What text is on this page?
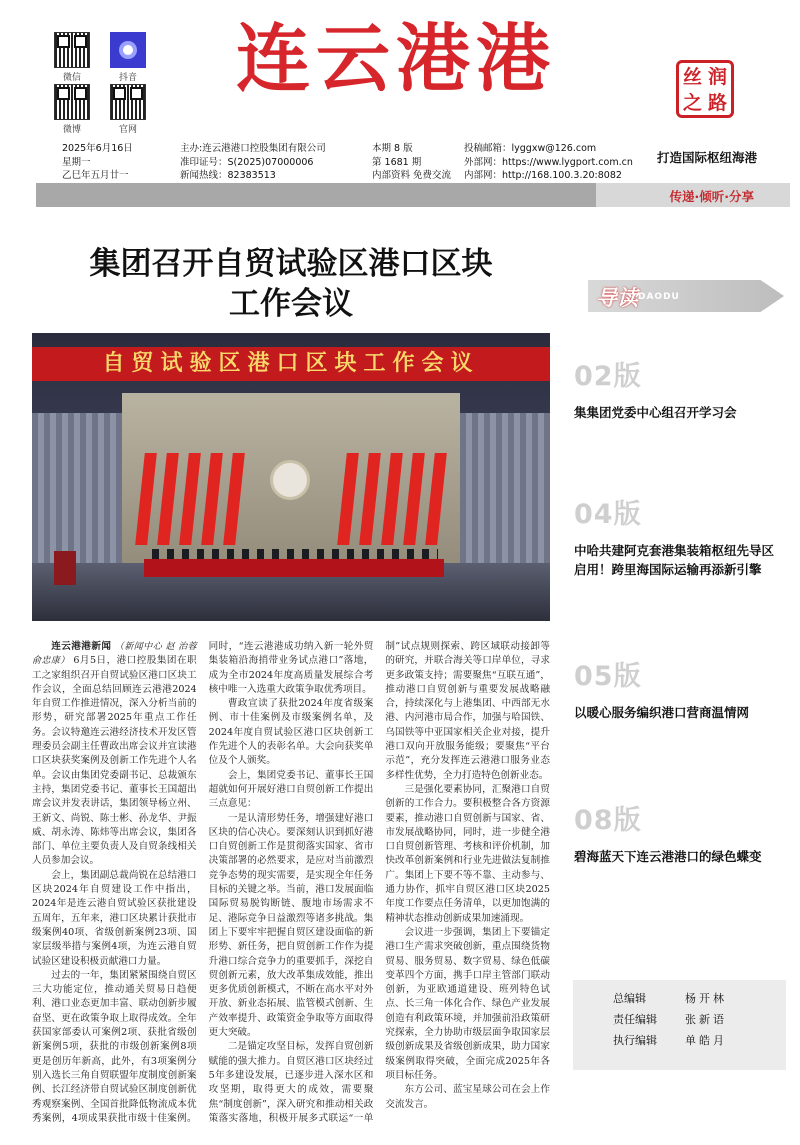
微信	抖音
微博	官网
连云港港	丝 润
之 路
2025年6月16日
星期一
乙巳年五月廿一
主办:连云港港口控股集团有限公司
准印证号：S(2025)07000006
新闻热线：82383513
本期 8 版
第 1681 期
内部资料 免费交流
投稿邮箱：lyggxw@126.com
外部网：https://www.lygport.com.cn
内部网：http://168.100.3.20:8082
打造国际枢纽海港
传递·倾听·分享
集团召开自贸试验区港口区块
工作会议
自贸试验区港口区块工作会议

连云港港新闻 （新闻中心 赵 治蓉 俞忠康） 6月5日，港口控股集团在职工之家组织召开自贸试验区港口区块工作会议，全面总结回顾连云港港2024年自贸工作推进情况，深入分析当前的形势，研究部署2025年重点工作任务。会议特邀连云港经济技术开发区管理委员会副主任曹政出席会议并宣读港口区块获奖案例及创新工作先进个人名单。会议由集团党委副书记、总裁颁东主持，集团党委书记、董事长王国超出席会议并发表讲话，集团领导杨立州、王新文、尚锐、陈士彬、孙龙华、尹振威、胡永涛、陈炜等出席会议，集团各部门、单位主要负责人及自贸条线相关人员参加会议。

会上，集团副总裁尚锐在总结港口区块2024年自贸建设工作中指出，2024年是连云港自贸试验区获批建设五周年，五年来，港口区块累计获批市级案例40项、省级创新案例23项、国家层级举措与案例4项，为连云港自贸试验区建设积极贡献港口力量。

过去的一年，集团紧紧围绕自贸区三大功能定位，推动通关贸易日趋便利、港口业态更加丰富、联动创新步履奋坚、更在政策争取上取得成效。全年获国家部委认可案例2项、获批省级创新案例5项，获批的市级创新案例8项更是创历年新高，此外，有3项案例分别入选长三角自贸联盟年度制度创新案例、长江经济带自贸试验区制度创新优秀观察案例、全国首批降低物流成本优秀案例，4项成果获批市级十佳案例。同时，“连云港港成功纳入新一轮外贸集装箱沿海捎带业务试点港口”落地，成为全市2024年度高质量发展综合考核中唯一入选重大政策争取优秀项目。

曹政宣读了获批2024年度省级案例、市十佳案例及市级案例名单，及2024年度自贸试验区港口区块创新工作先进个人的表彰名单。大会向获奖单位及个人颁奖。

会上，集团党委书记、董事长王国超就如何开展好港口自贸创新工作提出三点意见：

一是认清形势任务，增强建好港口区块的信心决心。要深刻认识到抓好港口自贸创新工作是贯彻落实国家、省市决策部署的必然要求，是应对当前激烈竞争态势的现实需要，是实现全年任务目标的关键之举。当前，港口发展面临国际贸易脱钩断链、腹地市场需求不足、港际竞争日益激烈等诸多挑战。集团上下要牢牢把握自贸区建设面临的新形势、新任务，把自贸创新工作作为提升港口综合竞争力的重要抓手，深挖自贸创新元素，放大改革集成效能，推出更多优质创新模式，不断在高水平对外开放、新业态拓展、监管模式创新、生产效率提升、政策资金争取等方面取得更大突破。

二是锚定攻坚目标，发挥自贸创新赋能的强大推力。自贸区港口区块经过5年多建设发展，已逐步进入深水区和攻坚期，取得更大的成效，需要聚焦“制度创新”，深入研究和推动相关政策落实落地，积极开展多式联运“一单制”试点规则探索、跨区域联动接卸等的研究，并联合海关等口岸单位，寻求更多政策支持；需要聚焦“互联互通”，推动港口自贸创新与重要发展战略融合，持续深化与上港集团、中西部无水港、内河港市局合作，加强与哈国铁、乌国铁等中亚国家相关企业对接，提升港口双向开放服务能级；要聚焦“平台示范”，充分发挥连云港港口服务业态多样性优势，全力打造特色创新业态。

三是强化要素协同，汇聚港口自贸创新的工作合力。要积极整合各方资源要素，推动港口自贸创新与国家、省、市发展战略协同，同时，进一步健全港口自贸创新管理、考核和评价机制，加快改革创新案例和行业先进做法复制推广。集团上下要不等不靠、主动参与、通力协作，抓牢自贸区港口区块2025年度工作要点任务清单，以更加饱满的精神状态推动创新成果加速涌现。

会议进一步强调，集团上下要锚定港口生产需求突破创新，重点围绕货物贸易、服务贸易、数字贸易、绿色低碳变革四个方面，携手口岸主管部门联动创新，为亚欧通道建设、班列特色试点、长三角一体化合作、绿色产业发展创造有利政策环境，并加强前沿政策研究探索，全力协助市级层面争取国家层级创新成果及省级创新成果，助力国家级案例取得突破，全面完成2025年各项目标任务。

东方公司、蓝宝星球公司在会上作交流发言。

导读 DAODU
02版
集集团党委中心组召开学习会
04版
中哈共建阿克套港集装箱枢纽先导区启用！跨里海国际运输再添新引擎
05版
以暖心服务编织港口营商温情网
08版
碧海蓝天下连云港港口的绿色蝶变
总编辑	杨开林
责任编辑	张新语
执行编辑	单皓月
